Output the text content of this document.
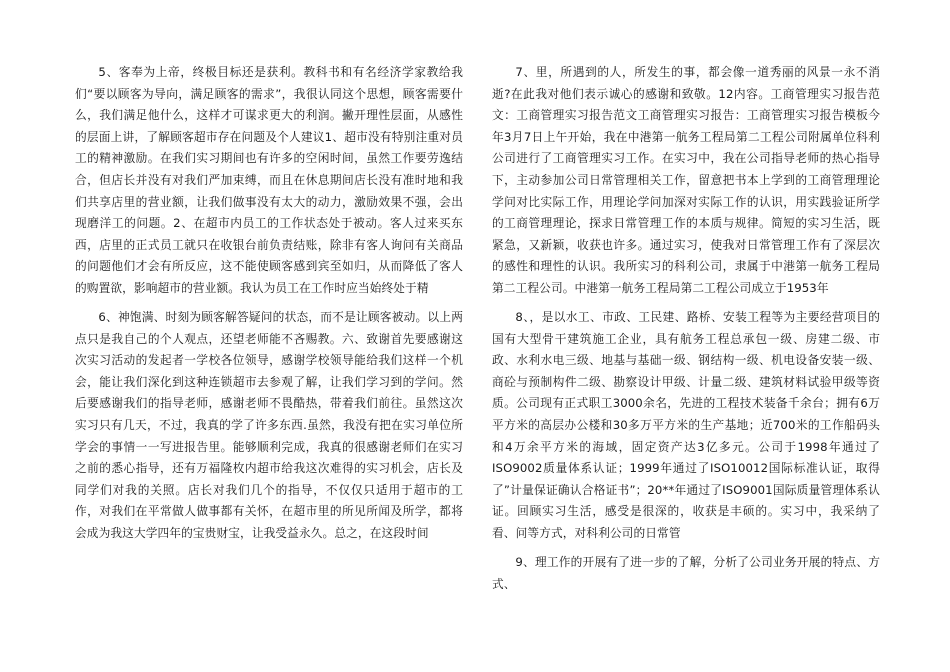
5、客奉为上帝，终极目标还是获利。教科书和有名经济学家教给我们“要以顾客为导向，满足顾客的需求”，我很认同这个思想，顾客需要什么，我们满足他什么，这样才可谋求更大的利润。撇开理性层面，从感性的层面上讲，了解顾客超市存在问题及个人建议1、超市没有特别注重对员工的精神激励。在我们实习期间也有许多的空闲时间，虽然工作要劳逸结合，但店长并没有对我们严加束缚，而且在休息期间店长没有准时地和我们共享店里的营业额，让我们做事没有太大的动力，激励效果不强，会出现磨洋工的问题。2、在超市内员工的工作状态处于被动。客人过来买东西，店里的正式员工就只在收银台前负责结账，除非有客人询问有关商品的问题他们才会有所反应，这不能使顾客感到宾至如归，从而降低了客人的购置欲，影响超市的营业额。我认为员工在工作时应当始终处于精

6、神饱满、时刻为顾客解答疑问的状态，而不是让顾客被动。以上两点只是我自己的个人观点，还望老师能不吝赐教。六、致谢首先要感谢这次实习活动的发起者一学校各位领导，感谢学校领导能给我们这样一个机会，能让我们深化到这种连锁超市去参观了解，让我们学习到的学问。然后要感谢我们的指导老师，感谢老师不畏酷热，带着我们前往。虽然这次实习只有几天，不过，我真的学了许多东西.虽然，我没有把在实习单位所学会的事情一一写进报告里。能够顺利完成，我真的很感谢老师们在实习之前的悉心指导，还有万福隆枚内超市给我这次难得的实习机会，店长及同学们对我的关照。店长对我们几个的指导，不仅仅只适用于超市的工作，对我们在平常做人做事都有关怀，在超市里的所见所闻及所学，都将会成为我这大学四年的宝贵财宝，让我受益永久。总之，在这段时间

7、里，所遇到的人，所发生的事，都会像一道秀丽的风景一永不消逝?在此我对他们表示诚心的感谢和致敬。12内容。工商管理实习报告范文：工商管理实习报告范文工商管理实习报告：工商管理实习报告模板今年3月7日上午开始，我在中港第一航务工程局第二工程公司附属单位科利公司进行了工商管理实习工作。在实习中，我在公司指导老师的热心指导下，主动参加公司日常管理相关工作，留意把书本上学到的工商管理理论学问对比实际工作，用理论学问加深对实际工作的认识，用实践验证所学的工商管理理论，探求日常管理工作的本质与规律。简短的实习生活，既紧急，又新颖，收获也许多。通过实习，使我对日常管理工作有了深层次的感性和理性的认识。我所实习的科利公司，隶属于中港第一航务工程局第二工程公司。中港第一航务工程局第二工程公司成立于1953年

8、，是以水工、市政、工民建、路桥、安装工程等为主要经营项目的国有大型骨干建筑施工企业，具有航务工程总承包一级、房建二级、市政、水利水电三级、地基与基础一级、钢结构一级、机电设备安装一级、商砼与预制构件二级、勘察设计甲级、计量二级、建筑材料试验甲级等资质。公司现有正式职工3000余名，先进的工程技术装备千余台；拥有6万平方米的高层办公楼和30多万平方米的生产基地；近700米的工作船码头和4万余平方米的海域，固定资产达3亿多元。公司于1998年通过了ISO9002质量体系认证；1999年通过了ISO10012国际标准认证，取得了”计量保证确认合格证书”；20**年通过了ISO9001国际质量管理体系认证。回顾实习生活，感受是很深的，收获是丰硕的。实习中，我采纳了看、问等方式，对科利公司的日常管

9、理工作的开展有了进一步的了解，分析了公司业务开展的特点、方式、
